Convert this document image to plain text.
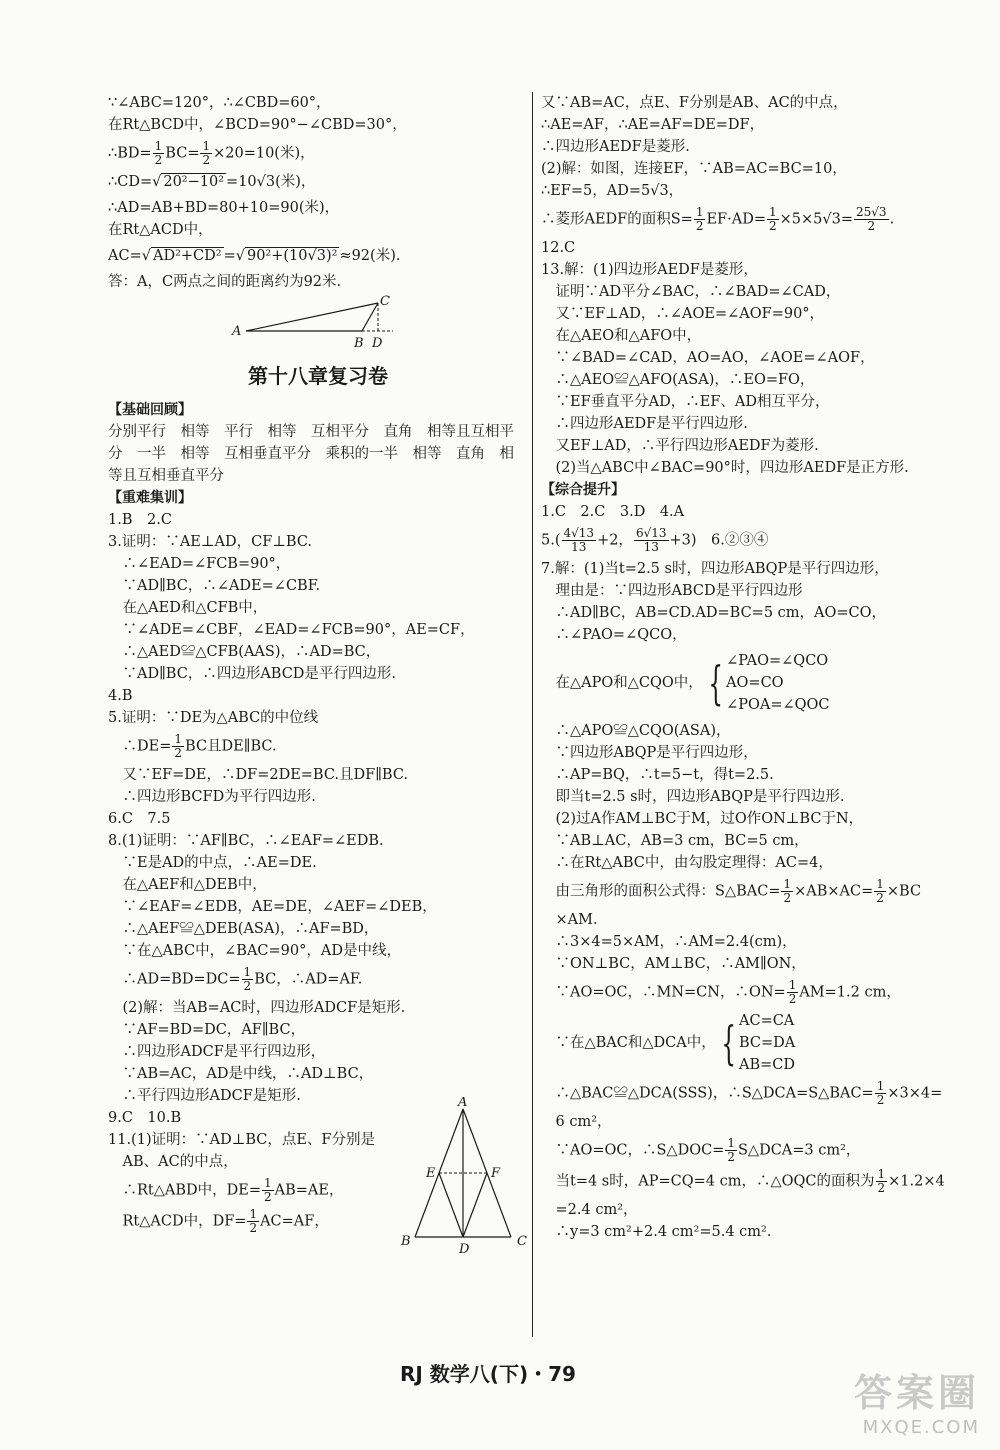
∵∠ABC=120°，∴∠CBD=60°，
在Rt△BCD中，∠BCD=90°−∠CBD=30°，
∴BD= $\frac{1}{2} BC= \frac{1}{2} \times 20=10$(米)，
∴CD=√ 20²−10² =10√3(米)，
∴AD=AB+BD=80+10=90(米)，
在Rt△ACD中，
AC=√ AD²+CD² =√ 90²+(10√3)² ≈92(米).
答：A，C两点之间的距离约为92米.
A
C
B D
第十八章复习卷
【基础回顾】
分别平行　相等　平行　相等　互相平分　直角　相等且互相平分　一半　相等　互相垂直平分　乘积的一半　相等　直角　相等且互相垂直平分
【重难集训】
1.B　2.C
3.证明：∵AE⊥AD，CF⊥BC.
　∴∠EAD=∠FCB=90°，
　∵AD∥BC，∴∠ADE=∠CBF.
　在△AED和△CFB中，
　∵∠ADE=∠CBF，∠EAD=∠FCB=90°，AE=CF，
　∴△AED≌△CFB(AAS)，∴AD=BC，
　∵AD∥BC，∴四边形ABCD是平行四边形.
4.B
5.证明：∵DE为△ABC的中位线
　∴DE= $\frac{1}{2}$ BC且DE∥BC.
　又∵EF=DE，∴DF=2DE=BC.且DF∥BC.
　∴四边形BCFD为平行四边形.
6.C　7.5
8.(1)证明：∵AF∥BC，∴∠EAF=∠EDB.
　∵E是AD的中点，∴AE=DE.
　在△AEF和△DEB中，
　∵∠EAF=∠EDB，AE=DE，∠AEF=∠DEB，
　∴△AEF≌△DEB(ASA)，∴AF=BD，
　∵在△ABC中，∠BAC=90°，AD是中线，
　∴AD=BD=DC= $\frac{1}{2}$ BC，∴AD=AF.
　(2)解：当AB=AC时，四边形ADCF是矩形.
　∵AF=BD=DC，AF∥BC，
　∴四边形ADCF是平行四边形，
　∵AB=AC，AD是中线，∴AD⊥BC，
　∴平行四边形ADCF是矩形.
9.C　10.B
11.(1)证明：∵AD⊥BC，点E、F分别是
　AB、AC的中点，
　∴Rt△ABD中，$DE= \frac{1}{2} AB=AE$，
　Rt△ACD中，$DF= \frac{1}{2} AC=AF$，
A
E	F
B
D
C
又∵AB=AC，点E、F分别是AB、AC的中点，
∴AE=AF，∴AE=AF=DE=DF，
∴四边形AEDF是菱形.
(2)解：如图，连接EF，∵AB=AC=BC=10，
∴EF=5，AD=5√3，
∴菱形AEDF的面积$S= \frac{1}{2} EF\cdot AD= \frac{1}{2} \times 5\times 5√3= \frac{25√3}{2}$ .
12.C
13.解：(1)四边形AEDF是菱形，
　证明∵AD平分∠BAC，∴∠BAD=∠CAD，
　又∵EF⊥AD，∴∠AOE=∠AOF=90°，
　在△AEO和△AFO中，
　∵∠BAD=∠CAD，AO=AO，∠AOE=∠AOF，
　∴△AEO≌△AFO(ASA)，∴EO=FO，
　∵EF垂直平分AD，∴EF、AD相互平分，
　∴四边形AEDF是平行四边形.
　又EF⊥AD，∴平行四边形AEDF为菱形.
　(2)当△ABC中∠BAC=90°时，四边形AEDF是正方形.
【综合提升】
1.C　2.C　3.D　4.A
$5.( \frac{4√13}{13} +2$， $\frac{6√13}{13} +3$)　6.②③④
7.解：(1)当t=2.5 s时，四边形ABQP是平行四边形，
　理由是：∵四边形ABCD是平行四边形
　∴AD∥BC，AB=CD.AD=BC=5 cm，AO=CO，
　∴∠PAO=∠QCO，
　在△APO和△CQO中， { ∠PAO=∠QCO
AO=CO
∠POA=∠QOC
　∴△APO≌△CQO(ASA)，
　∵四边形ABQP是平行四边形，
　∴AP=BQ，∴t=5−t，得t=2.5.
　即当t=2.5 s时，四边形ABQP是平行四边形.
　(2)过A作AM⊥BC于M，过O作ON⊥BC于N，
　∵AB⊥AC，AB=3 cm，BC=5 cm，
　∴在Rt△ABC中，由勾股定理得：AC=4，
　由三角形的面积公式得：S△BAC= $\frac{1}{2} \times AB\times AC= \frac{1}{2} \times BC$
　×AM.
　∴3×4=5×AM，∴AM=2.4(cm)，
　∵ON⊥BC，AM⊥BC，∴AM∥ON，
　∵AO=OC，∴MN=CN，∴ON= $\frac{1}{2} AM=1.2$ cm，
　∵在△BAC和△DCA中， { AC=CA
BC=DA
AB=CD
　∴△BAC≌△DCA(SSS)，∴S△DCA=S△BAC= $\frac{1}{2} \times 3\times 4=$
　6 cm²，
　∵AO=OC，∴S△DOC= $\frac{1}{2}$ S△DCA=3 cm²，
　当t=4 s时，AP=CQ=4 cm，∴△OQC的面积为 $\frac{1}{2} \times 1.2\times 4$
　=2.4 cm²，
　∴y=3 cm²+2.4 cm²=5.4 cm².
RJ 数学八(下)・79	答案圈
MXQE.COM
